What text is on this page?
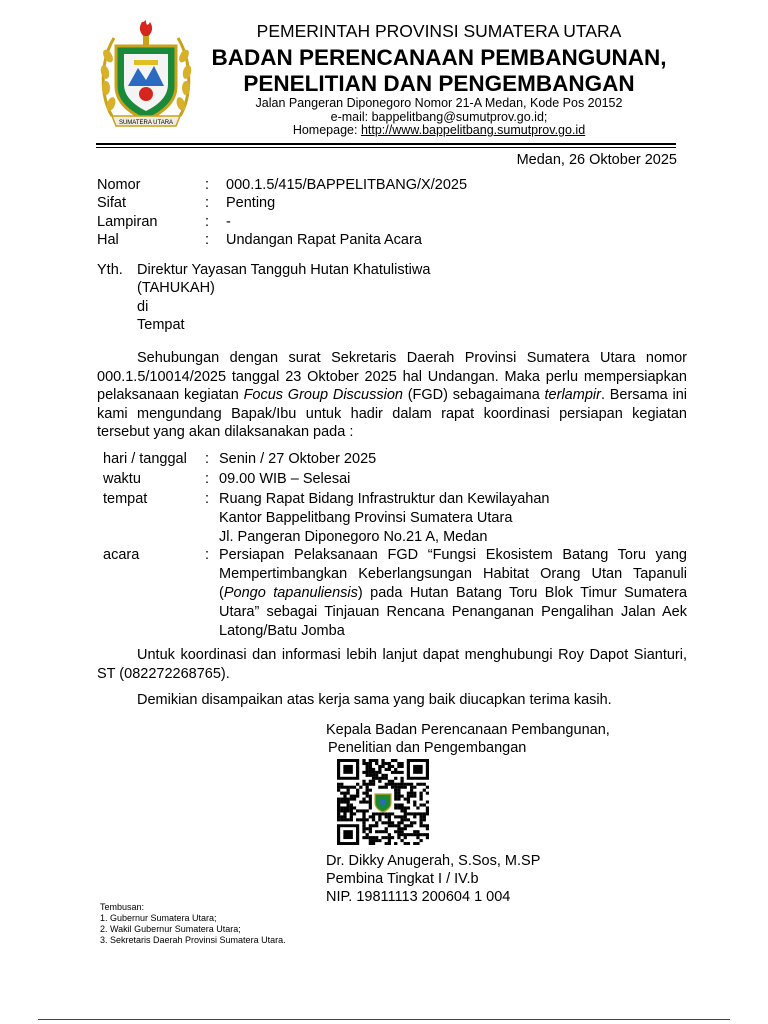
SUMATERA UTARA
PEMERINTAH PROVINSI SUMATERA UTARA
BADAN PERENCANAAN PEMBANGUNAN,
PENELITIAN DAN PENGEMBANGAN
Jalan Pangeran Diponegoro Nomor 21-A Medan, Kode Pos 20152
e-mail: bappelitbang@sumutprov.go.id;
Homepage: http://www.bappelitbang.sumutprov.go.id
Medan, 26 Oktober 2025
Nomor	: 000.1.5/415/BAPPELITBANG/X/2025
Sifat	: Penting
Lampiran	: -
Hal	: Undangan Rapat Panita Acara
Yth. Direktur Yayasan Tangguh Hutan Khatulistiwa
(TAHUKAH)
di
Tempat
Sehubungan dengan surat Sekretaris Daerah Provinsi Sumatera Utara nomor 000.1.5/10014/2025 tanggal 23 Oktober 2025 hal Undangan. Maka perlu mempersiapkan pelaksanaan kegiatan Focus Group Discussion (FGD) sebagaimana terlampir. Bersama ini kami mengundang Bapak/Ibu untuk hadir dalam rapat koordinasi persiapan kegiatan tersebut yang akan dilaksanakan pada :
hari / tanggal : Senin / 27 Oktober 2025
waktu	: 09.00 WIB – Selesai
tempat	: Ruang Rapat Bidang Infrastruktur dan Kewilayahan
Kantor Bappelitbang Provinsi Sumatera Utara
Jl. Pangeran Diponegoro No.21 A, Medan
acara	: Persiapan Pelaksanaan FGD “Fungsi Ekosistem Batang Toru yang Mempertimbangkan Keberlangsungan Habitat Orang Utan Tapanuli (Pongo tapanuliensis) pada Hutan Batang Toru Blok Timur Sumatera Utara” sebagai Tinjauan Rencana Penanganan Pengalihan Jalan Aek Latong/Batu Jomba
Untuk koordinasi dan informasi lebih lanjut dapat menghubungi Roy Dapot Sianturi, ST (082272268765).
Demikian disampaikan atas kerja sama yang baik diucapkan terima kasih.
Kepala Badan Perencanaan Pembangunan,
Penelitian dan Pengembangan
Dr. Dikky Anugerah, S.Sos, M.SP
Pembina Tingkat I / IV.b
NIP. 19811113 200604 1 004
Tembusan:
1. Gubernur Sumatera Utara;
2. Wakil Gubernur Sumatera Utara;
3. Sekretaris Daerah Provinsi Sumatera Utara.
